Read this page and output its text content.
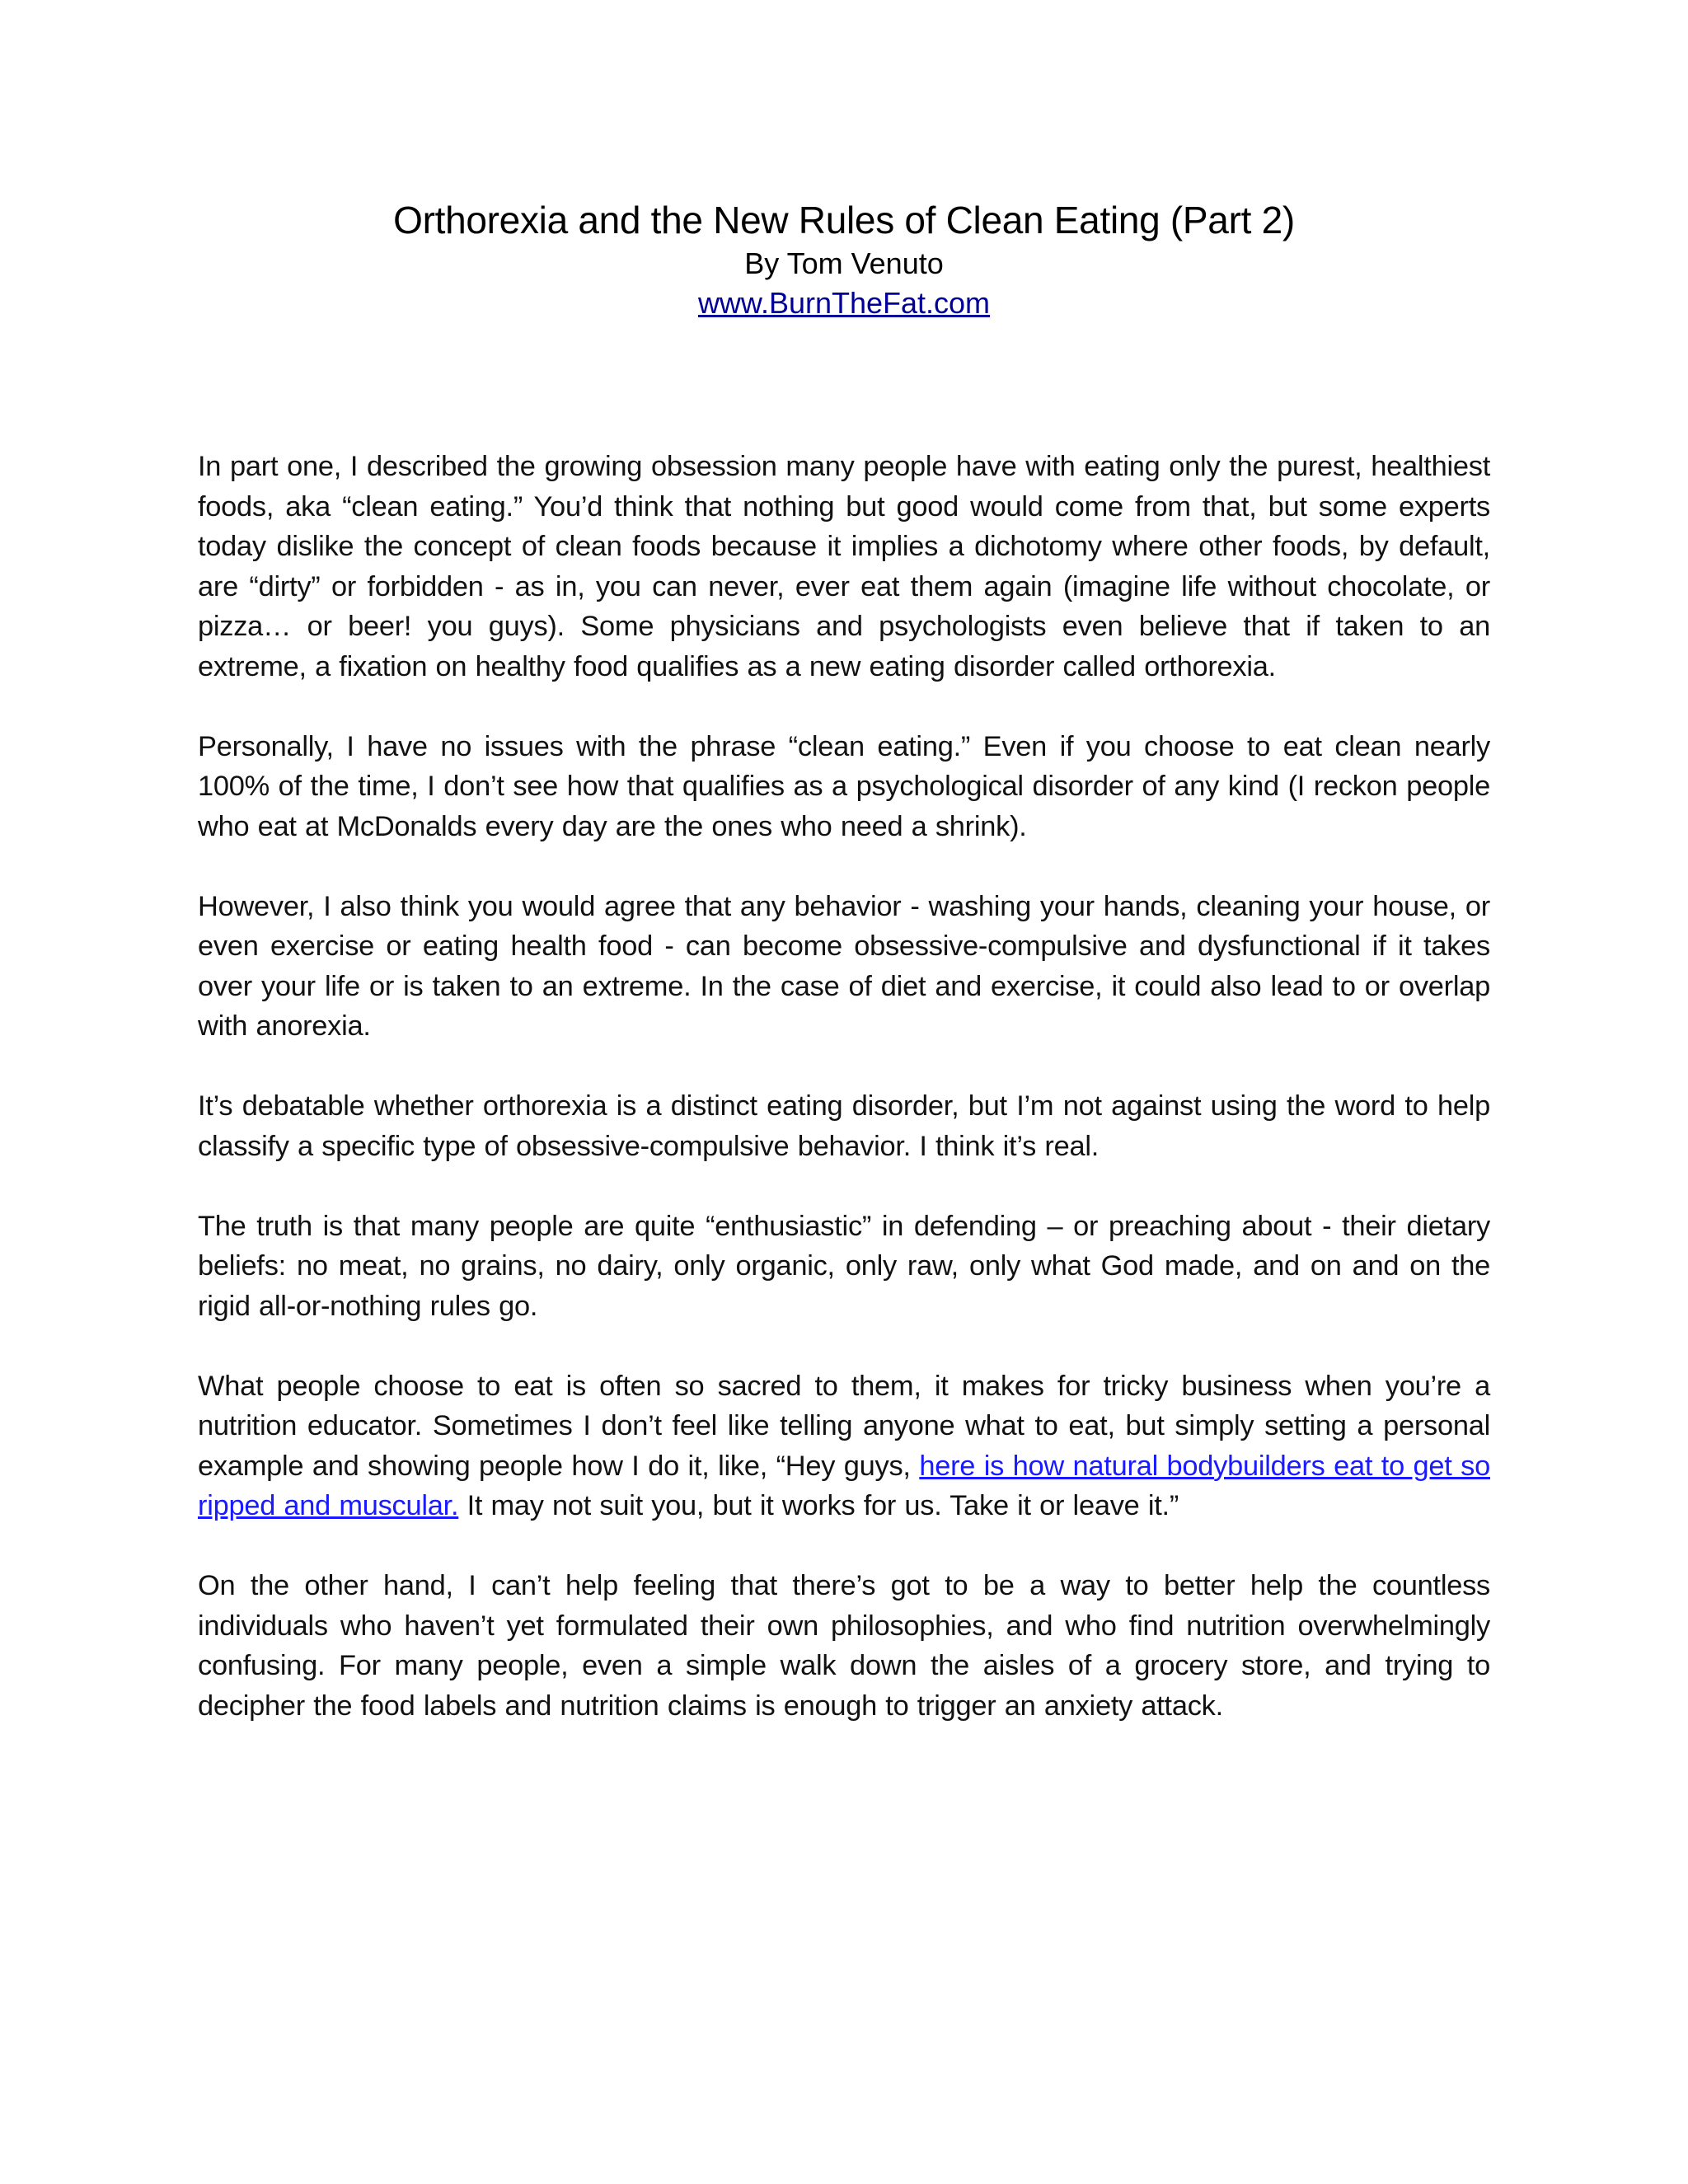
Orthorexia and the New Rules of Clean Eating (Part 2)

By Tom Venuto

www.BurnTheFat.com

In part one, I described the growing obsession many people have with eating only the purest, healthiest foods, aka “clean eating.” You’d think that nothing but good would come from that, but some experts today dislike the concept of clean foods because it implies a dichotomy where other foods, by default, are “dirty” or forbidden - as in, you can never, ever eat them again (imagine life without chocolate, or pizza… or beer! you guys). Some physicians and psychologists even believe that if taken to an extreme, a fixation on healthy food qualifies as a new eating disorder called orthorexia.

Personally, I have no issues with the phrase “clean eating.” Even if you choose to eat clean nearly 100% of the time, I don’t see how that qualifies as a psychological disorder of any kind (I reckon people who eat at McDonalds every day are the ones who need a shrink).

However, I also think you would agree that any behavior - washing your hands, cleaning your house, or even exercise or eating health food - can become obsessive-compulsive and dysfunctional if it takes over your life or is taken to an extreme. In the case of diet and exercise, it could also lead to or overlap with anorexia.

It’s debatable whether orthorexia is a distinct eating disorder, but I’m not against using the word to help classify a specific type of obsessive-compulsive behavior. I think it’s real.

The truth is that many people are quite “enthusiastic” in defending – or preaching about - their dietary beliefs: no meat, no grains, no dairy, only organic, only raw, only what God made, and on and on the rigid all-or-nothing rules go.

What people choose to eat is often so sacred to them, it makes for tricky business when you’re a nutrition educator. Sometimes I don’t feel like telling anyone what to eat, but simply setting a personal example and showing people how I do it, like, “Hey guys, here is how natural bodybuilders eat to get so ripped and muscular. It may not suit you, but it works for us. Take it or leave it.”

On the other hand, I can’t help feeling that there’s got to be a way to better help the countless individuals who haven’t yet formulated their own philosophies, and who find nutrition overwhelmingly confusing. For many people, even a simple walk down the aisles of a grocery store, and trying to decipher the food labels and nutrition claims is enough to trigger an anxiety attack.
